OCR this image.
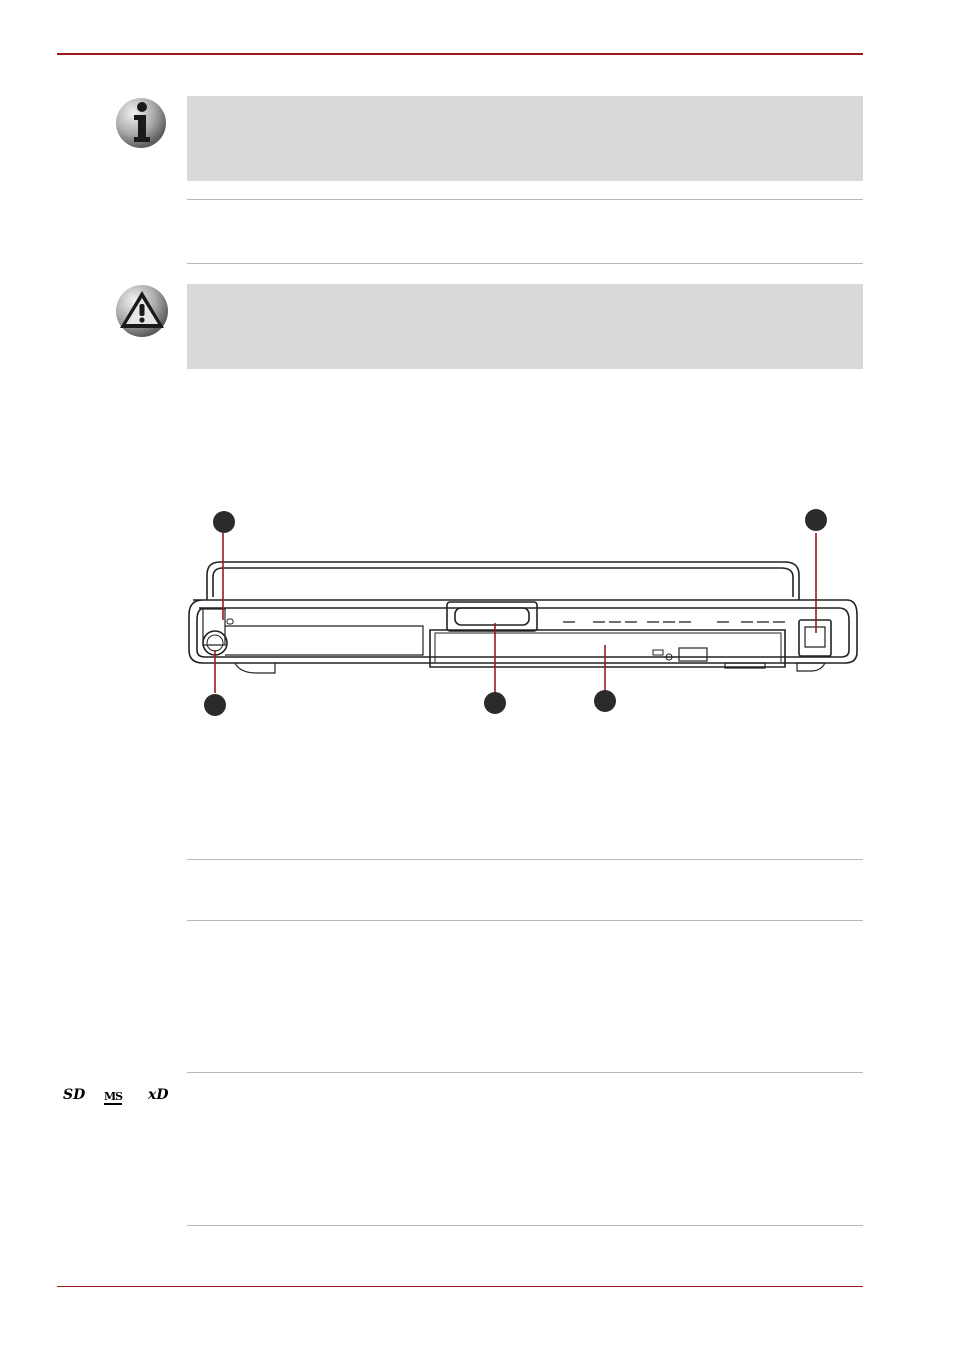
SD MS xD
